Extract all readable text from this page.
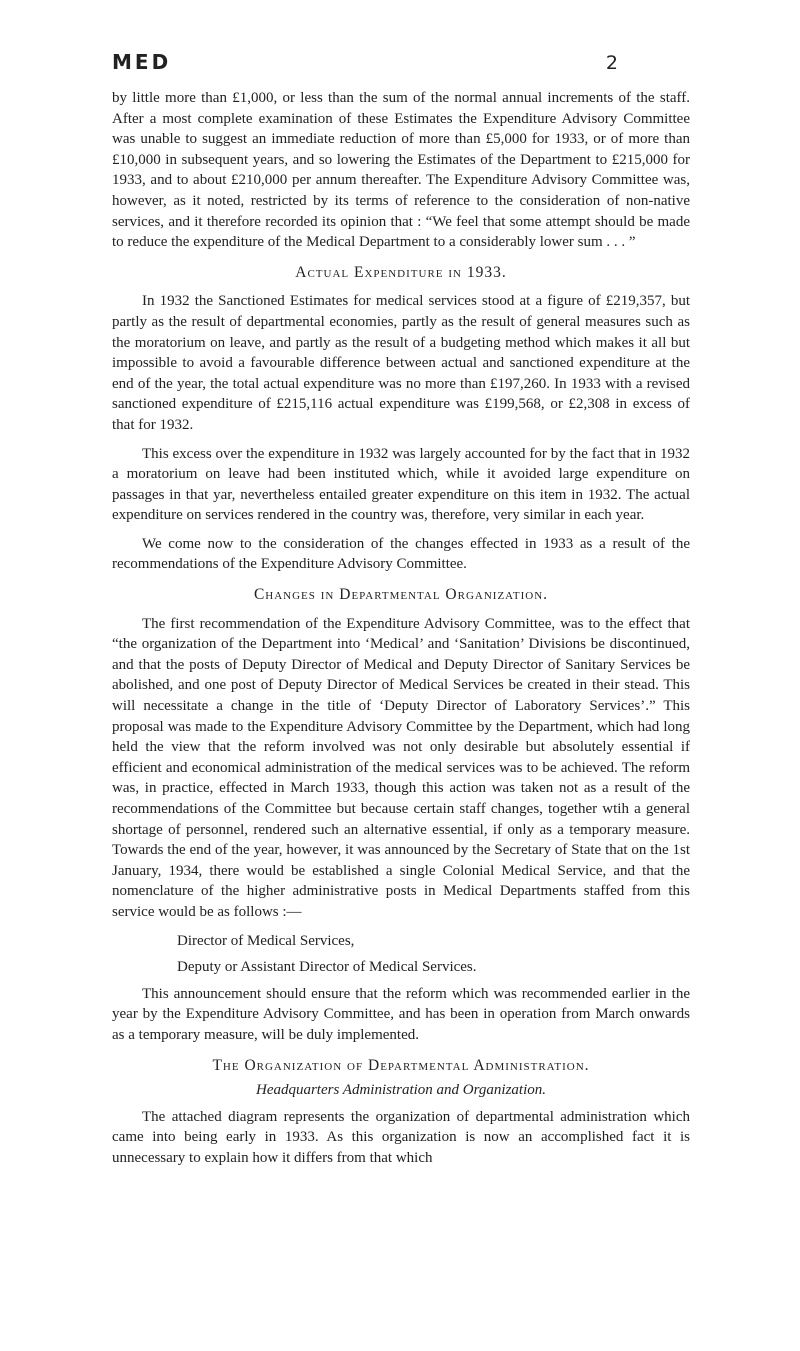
MED	2

by little more than £1,000, or less than the sum of the normal annual increments of the staff. After a most complete examination of these Estimates the Expenditure Advisory Committee was unable to suggest an immediate reduction of more than £5,000 for 1933, or of more than £10,000 in subsequent years, and so lowering the Estimates of the Department to £215,000 for 1933, and to about £210,000 per annum thereafter. The Expenditure Advisory Committee was, however, as it noted, restricted by its terms of reference to the consideration of non-native services, and it therefore recorded its opinion that : “We feel that some attempt should be made to reduce the expenditure of the Medical Department to a considerably lower sum . . . ”

Actual Expenditure in 1933.

In 1932 the Sanctioned Estimates for medical services stood at a figure of £219,357, but partly as the result of departmental economies, partly as the result of general measures such as the moratorium on leave, and partly as the result of a budgeting method which makes it all but impossible to avoid a favourable difference between actual and sanctioned expenditure at the end of the year, the total actual expenditure was no more than £197,260. In 1933 with a revised sanctioned expenditure of £215,116 actual expenditure was £199,568, or £2,308 in excess of that for 1932.

This excess over the expenditure in 1932 was largely accounted for by the fact that in 1932 a moratorium on leave had been instituted which, while it avoided large expenditure on passages in that yar, nevertheless entailed greater expenditure on this item in 1932. The actual expenditure on services rendered in the country was, therefore, very similar in each year.

We come now to the consideration of the changes effected in 1933 as a result of the recommendations of the Expenditure Advisory Committee.

Changes in Departmental Organization.

The first recommendation of the Expenditure Advisory Committee, was to the effect that “the organization of the Department into ‘Medical’ and ‘Sanitation’ Divisions be discontinued, and that the posts of Deputy Director of Medical and Deputy Director of Sanitary Services be abolished, and one post of Deputy Director of Medical Services be created in their stead. This will necessitate a change in the title of ‘Deputy Director of Laboratory Services’.” This proposal was made to the Expenditure Advisory Committee by the Department, which had long held the view that the reform involved was not only desirable but absolutely essential if efficient and economical administration of the medical services was to be achieved. The reform was, in practice, effected in March 1933, though this action was taken not as a result of the recommendations of the Committee but because certain staff changes, together wtih a general shortage of personnel, rendered such an alternative essential, if only as a temporary measure. Towards the end of the year, however, it was announced by the Secretary of State that on the 1st January, 1934, there would be established a single Colonial Medical Service, and that the nomenclature of the higher administrative posts in Medical Departments staffed from this service would be as follows :—

Director of Medical Services,

Deputy or Assistant Director of Medical Services.

This announcement should ensure that the reform which was recommended earlier in the year by the Expenditure Advisory Committee, and has been in operation from March onwards as a temporary measure, will be duly implemented.

The Organization of Departmental Administration.
Headquarters Administration and Organization.

The attached diagram represents the organization of departmental administration which came into being early in 1933. As this organization is now an accomplished fact it is unnecessary to explain how it differs from that which
